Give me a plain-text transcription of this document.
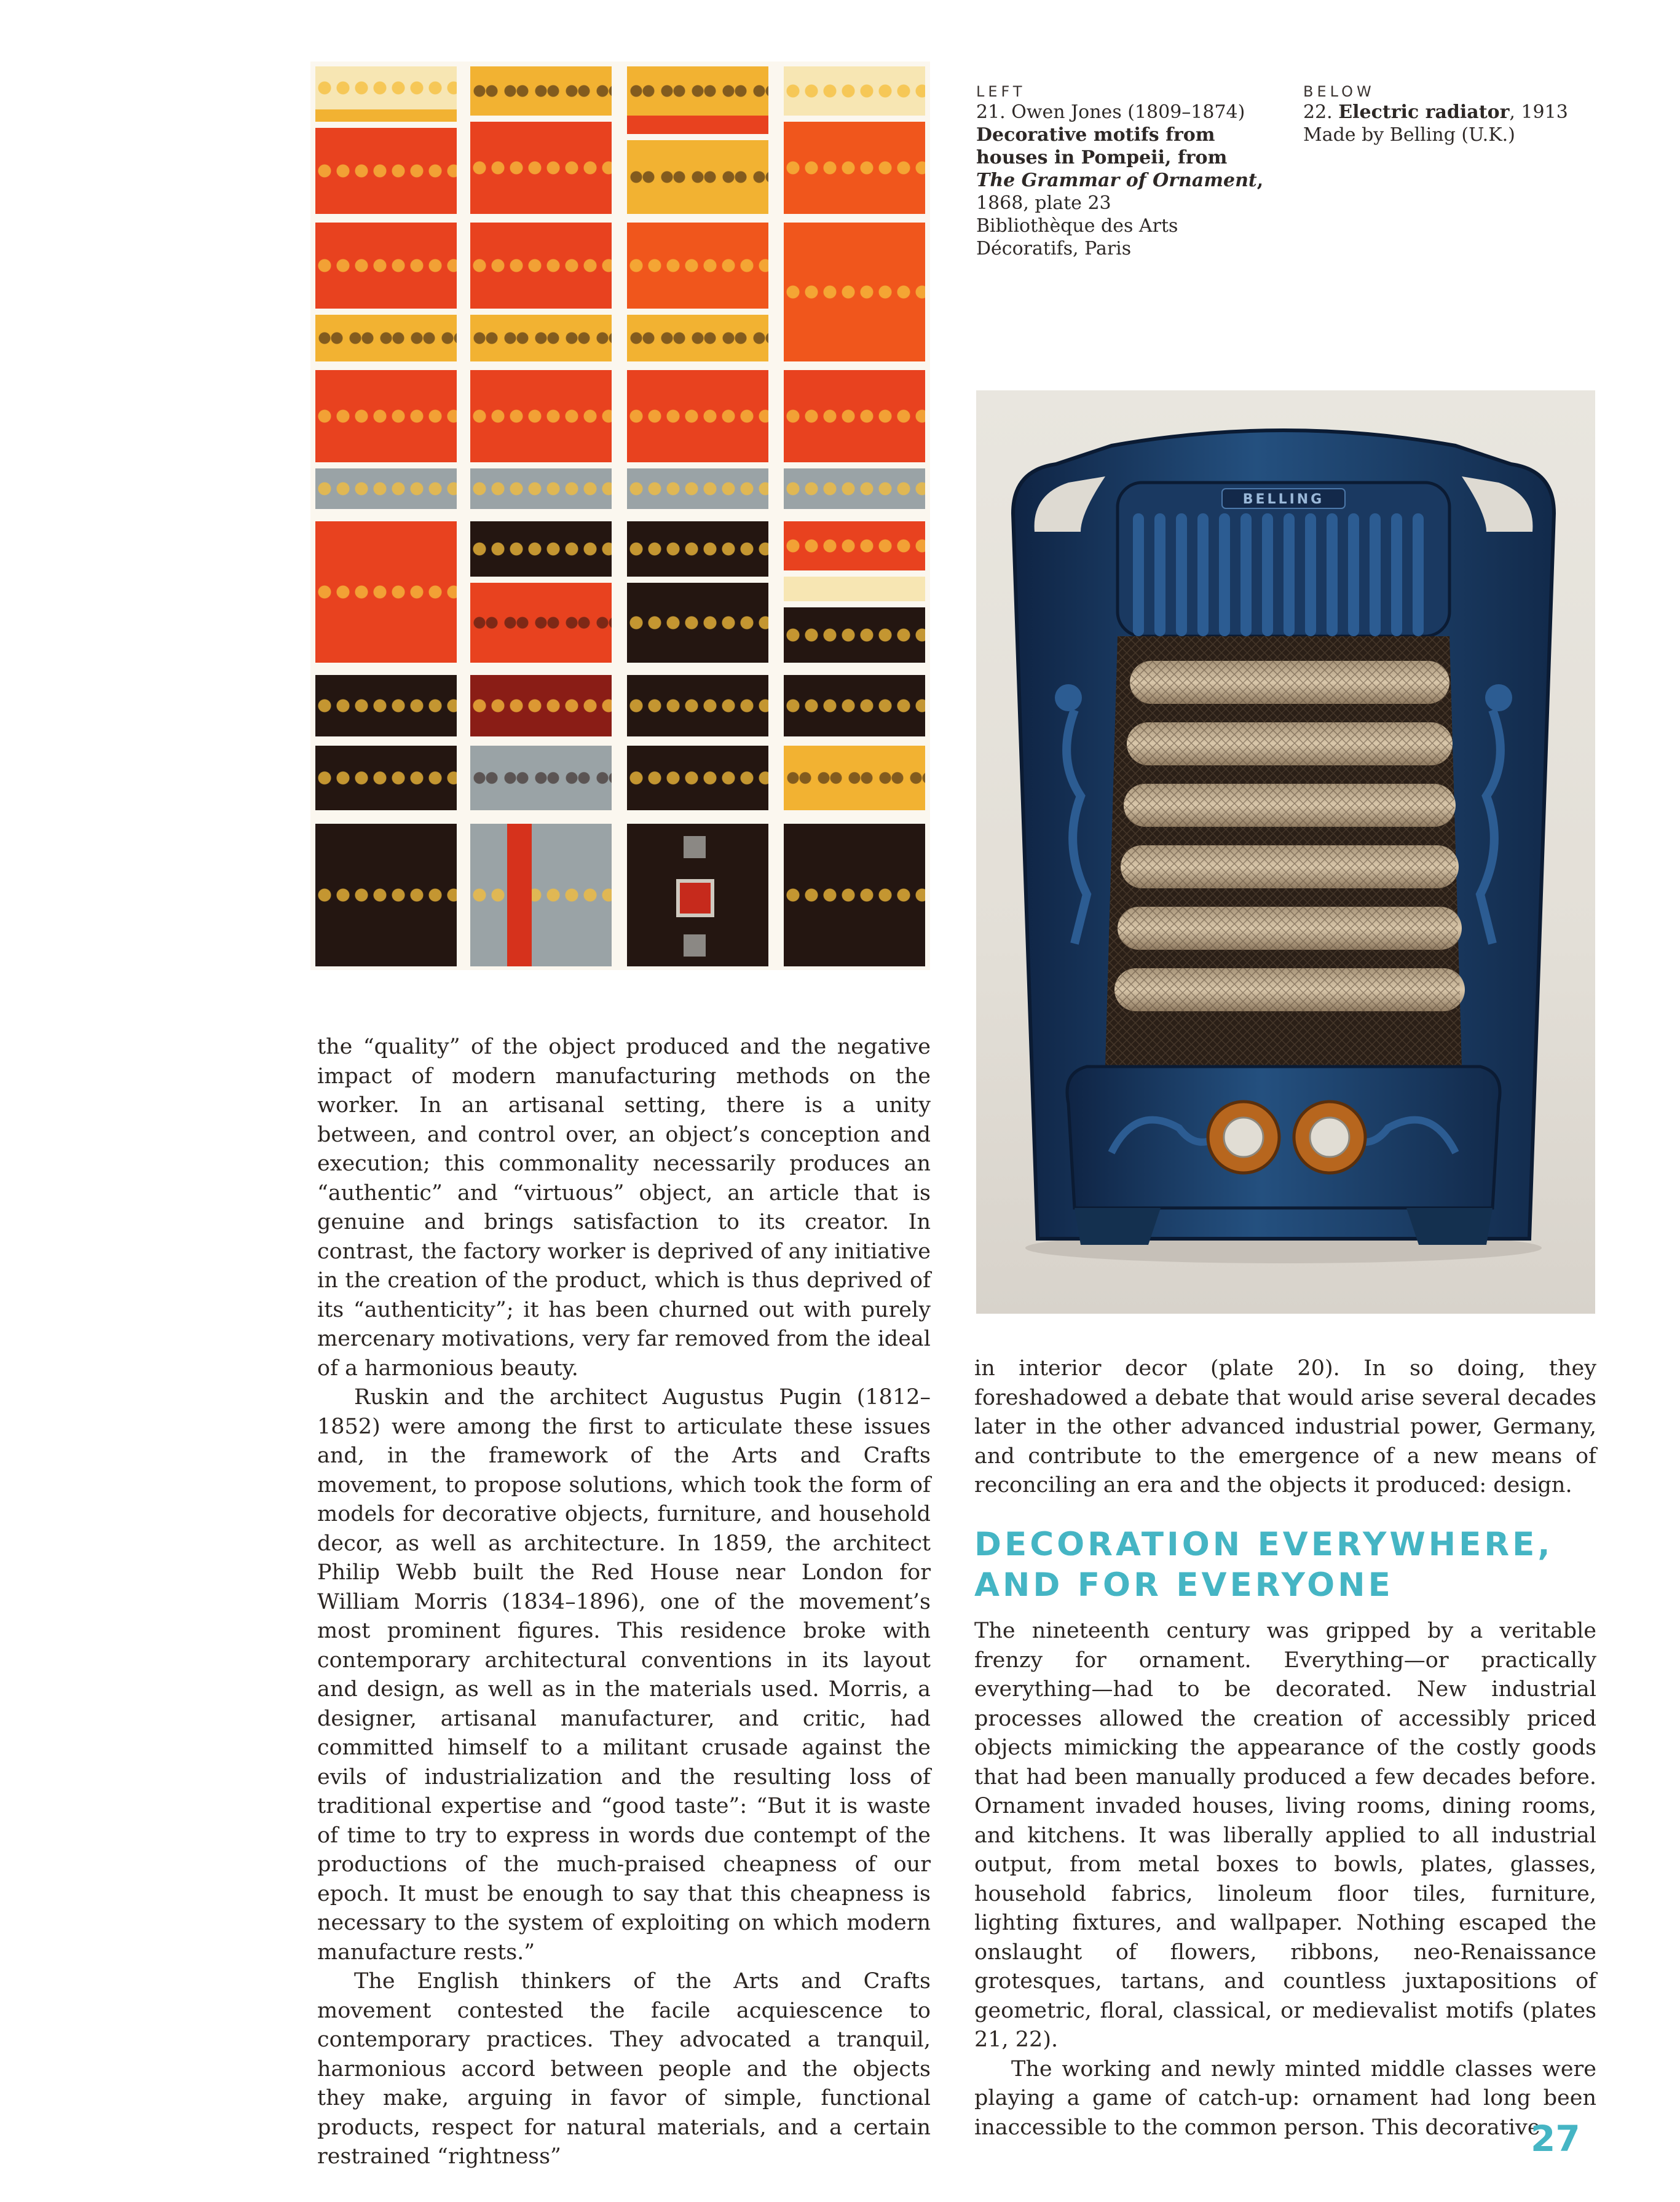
LEFT
21. Owen Jones (1809–1874)
Decorative motifs from houses in Pompeii, from The Grammar of Ornament,
1868, plate 23
Bibliothèque des Arts Décoratifs, Paris
BELOW
22. Electric radiator, 1913
Made by Belling (U.K.)
BELLING

the “quality” of the object produced and the negative impact of modern manufacturing methods on the worker. In an artisanal setting, there is a unity between, and control over, an object’s conception and execution; this commonality necessarily produces an “authentic” and “virtuous” object, an article that is genuine and brings satisfaction to its creator. In contrast, the factory worker is deprived of any initiative in the creation of the product, which is thus deprived of its “authenticity”; it has been churned out with purely mercenary motivations, very far removed from the ideal of a harmonious beauty.

Ruskin and the architect Augustus Pugin (1812–1852) were among the first to articulate these issues and, in the framework of the Arts and Crafts movement, to propose solutions, which took the form of models for decorative objects, furniture, and household decor, as well as architecture. In 1859, the architect Philip Webb built the Red House near London for William Morris (1834–1896), one of the movement’s most prominent figures. This residence broke with contemporary architectural conventions in its layout and design, as well as in the materials used. Morris, a designer, artisanal manufacturer, and critic, had committed himself to a militant crusade against the evils of industrialization and the resulting loss of traditional expertise and “good taste”: “But it is waste of time to try to express in words due contempt of the productions of the much-praised cheapness of our epoch. It must be enough to say that this cheapness is necessary to the system of exploiting on which modern manufacture rests.”

The English thinkers of the Arts and Crafts movement contested the facile acquiescence to contemporary practices. They advocated a tranquil, harmonious accord between people and the objects they make, arguing in favor of simple, functional products, respect for natural materials, and a certain restrained “rightness”

in interior decor (plate 20). In so doing, they foreshadowed a debate that would arise several decades later in the other advanced industrial power, Germany, and contribute to the emergence of a new means of reconciling an era and the objects it produced: design.

DECORATION EVERYWHERE,
AND FOR EVERYONE

The nineteenth century was gripped by a veritable frenzy for ornament. Everything—or practically everything—had to be decorated. New industrial processes allowed the creation of accessibly priced objects mimicking the appearance of the costly goods that had been manually produced a few decades before. Ornament invaded houses, living rooms, dining rooms, and kitchens. It was liberally applied to all industrial output, from metal boxes to bowls, plates, glasses, household fabrics, linoleum floor tiles, furniture, lighting fixtures, and wallpaper. Nothing escaped the onslaught of flowers, ribbons, neo-Renaissance grotesques, tartans, and countless juxtapositions of geometric, floral, classical, or medievalist motifs (plates 21, 22).

The working and newly minted middle classes were playing a game of catch-up: ornament had long been inaccessible to the common person. This decorative

27
